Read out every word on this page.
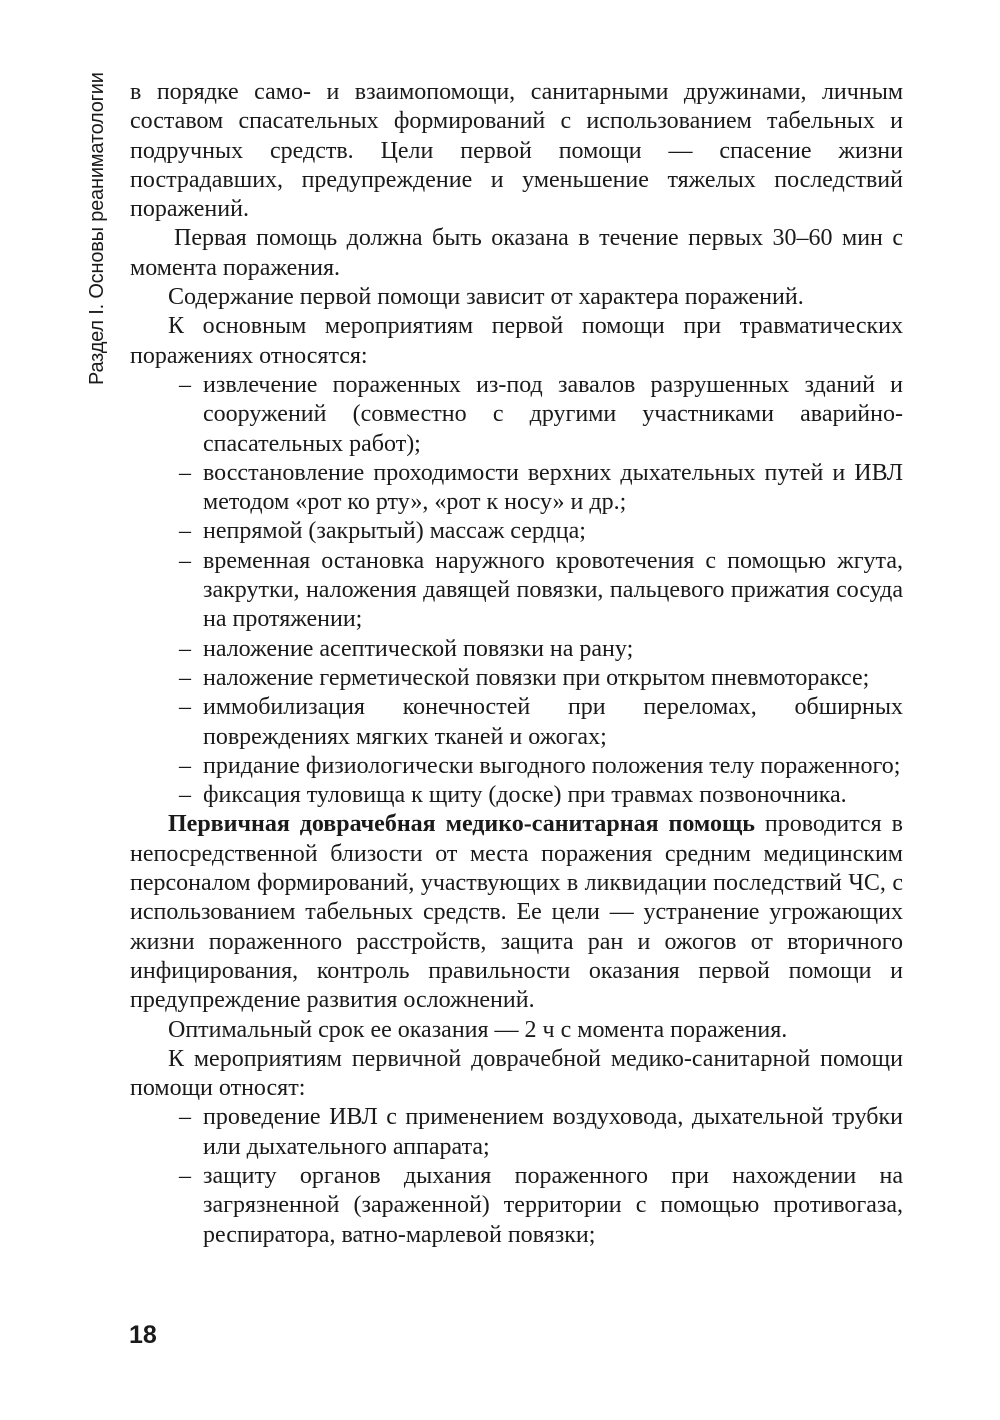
Раздел I. Основы реаниматологии в порядке само- и взаимопомощи, санитарными дружинами, личным составом спасательных формирований с использованием табельных и подручных средств. Цели первой помощи — спасение жизни пострадавших, предупреждение и уменьшение тяжелых последствий поражений.

Первая помощь должна быть оказана в течение первых 30–60 мин с момента поражения.

Содержание первой помощи зависит от характера поражений.

К основным мероприятиям первой помощи при травматических поражениях относятся:

– извлечение пораженных из-под завалов разрушенных зданий и сооружений (совместно с другими участниками аварийно-спасательных работ);
– восстановление проходимости верхних дыхательных путей и ИВЛ методом «рот ко рту», «рот к носу» и др.;
– непрямой (закрытый) массаж сердца;
– временная остановка наружного кровотечения с помощью жгута, закрутки, наложения давящей повязки, пальцевого прижатия сосуда на протяжении;
– наложение асептической повязки на рану;
– наложение герметической повязки при открытом пневмотораксе;
– иммобилизация конечностей при переломах, обширных повреждениях мягких тканей и ожогах;
– придание физиологически выгодного положения телу пораженного;
– фиксация туловища к щиту (доске) при травмах позвоночника.

Первичная доврачебная медико-санитарная помощь проводится в непосредственной близости от места поражения средним медицинским персоналом формирований, участвующих в ликвидации последствий ЧС, с использованием табельных средств. Ее цели — устранение угрожающих жизни пораженного расстройств, защита ран и ожогов от вторичного инфицирования, контроль правильности оказания первой помощи и предупреждение развития осложнений.

Оптимальный срок ее оказания — 2 ч с момента поражения.

К мероприятиям первичной доврачебной медико-санитарной помощи помощи относят:

– проведение ИВЛ с применением воздуховода, дыхательной трубки или дыхательного аппарата;
– защиту органов дыхания пораженного при нахождении на загрязненной (зараженной) территории с помощью противогаза, респиратора, ватно-марлевой повязки;
18
